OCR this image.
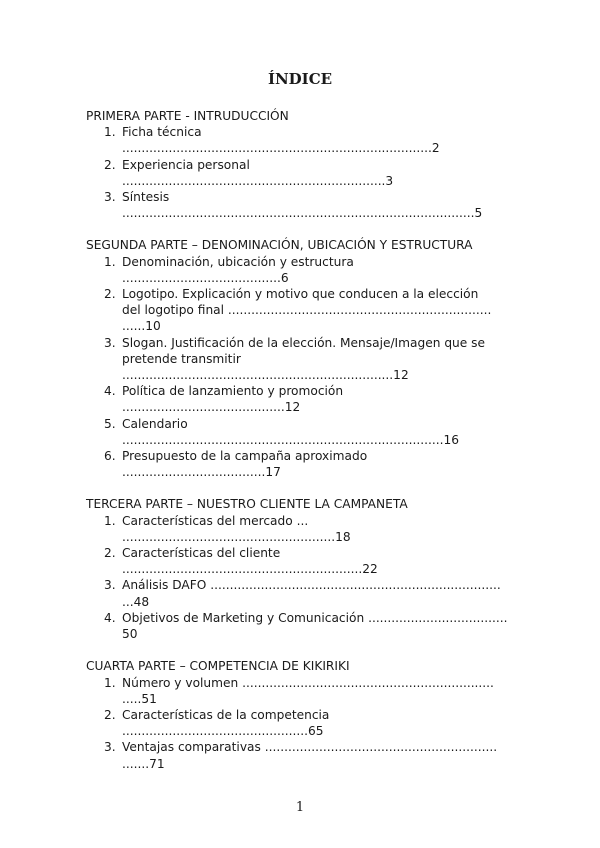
ÍNDICE
PRIMERA PARTE - INTRUDUCCIÓN
1. Ficha técnica
................................................................................2
2. Experiencia personal
....................................................................3
3. Síntesis
...........................................................................................5
SEGUNDA PARTE – DENOMINACIÓN, UBICACIÓN Y ESTRUCTURA
1. Denominación, ubicación y estructura
.........................................6
2. Logotipo. Explicación y motivo que conducen a la elección
del logotipo final ....................................................................
......10
3. Slogan. Justificación de la elección. Mensaje/Imagen que se
pretende transmitir
......................................................................12
4. Política de lanzamiento y promoción
..........................................12
5. Calendario
...................................................................................16
6. Presupuesto de la campaña aproximado
.....................................17
TERCERA PARTE – NUESTRO CLIENTE LA CAMPANETA
1. Características del mercado ...
.......................................................18
2. Características del cliente
..............................................................22
3. Análisis DAFO ...........................................................................
...48
4. Objetivos de Marketing y Comunicación ....................................
50
CUARTA PARTE – COMPETENCIA DE KIKIRIKI
1. Número y volumen .................................................................
.....51
2. Características de la competencia
................................................65
3. Ventajas comparativas ............................................................
.......71
1
